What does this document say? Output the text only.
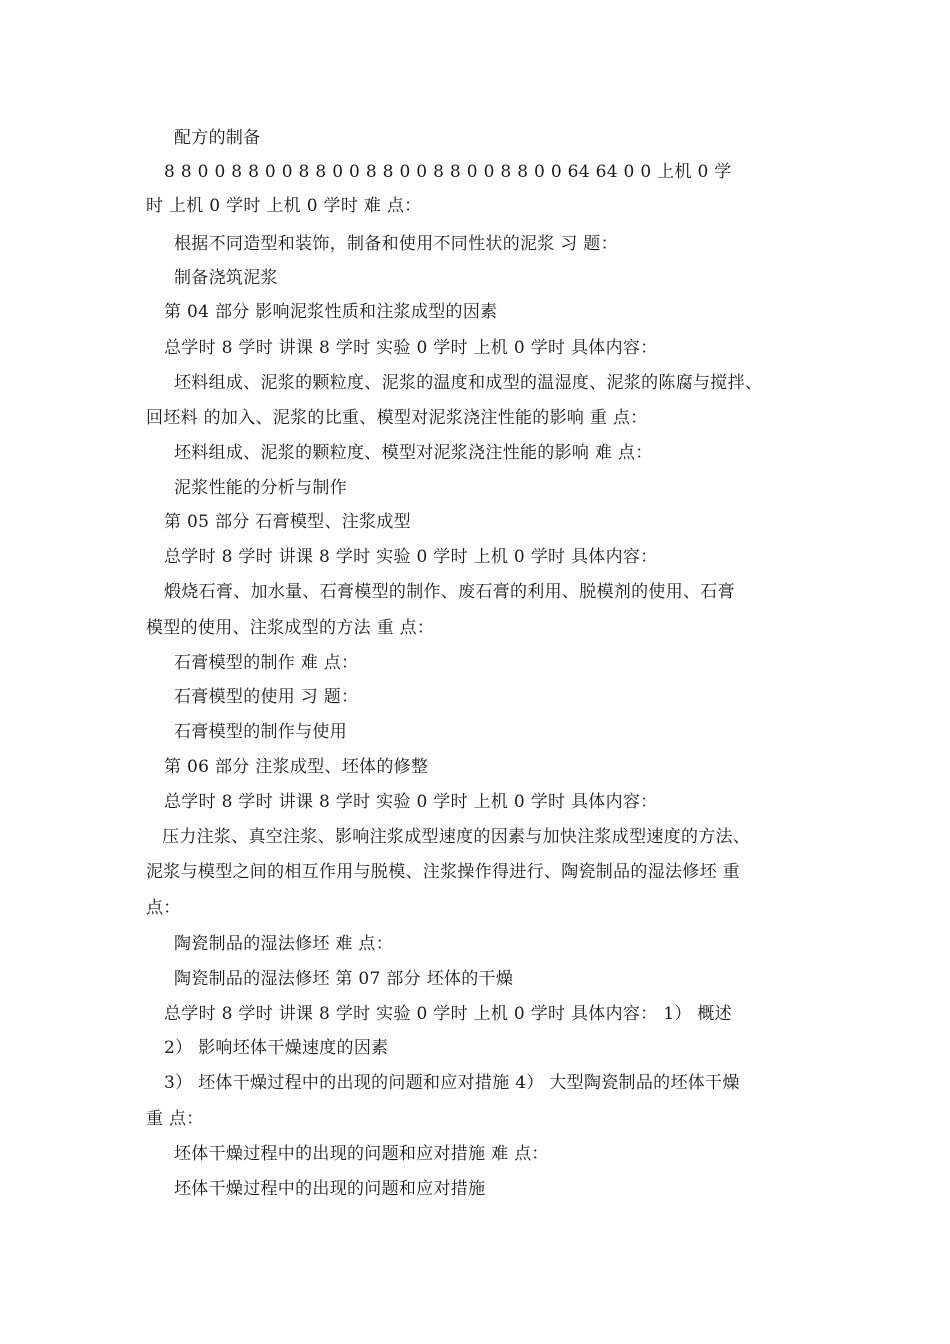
配方的制备
8 8 0 0 8 8 0 0 8 8 0 0 8 8 0 0 8 8 0 0 8 8 0 0 64 64 0 0 上机 0 学
时 上机 0 学时 上机 0 学时 难 点：
根据不同造型和装饰，制备和使用不同性状的泥浆 习 题：
制备浇筑泥浆
第 04 部分 影响泥浆性质和注浆成型的因素
总学时 8 学时 讲课 8 学时 实验 0 学时 上机 0 学时 具体内容：
坯料组成、泥浆的颗粒度、泥浆的温度和成型的温湿度、泥浆的陈腐与搅拌、
回坯料 的加入、泥浆的比重、模型对泥浆浇注性能的影响 重 点：
坯料组成、泥浆的颗粒度、模型对泥浆浇注性能的影响 难 点：
泥浆性能的分析与制作
第 05 部分 石膏模型、注浆成型
总学时 8 学时 讲课 8 学时 实验 0 学时 上机 0 学时 具体内容：
煅烧石膏、加水量、石膏模型的制作、废石膏的利用、脱模剂的使用、石膏
模型的使用、注浆成型的方法 重 点：
石膏模型的制作 难 点：
石膏模型的使用 习 题：
石膏模型的制作与使用
第 06 部分 注浆成型、坯体的修整
总学时 8 学时 讲课 8 学时 实验 0 学时 上机 0 学时 具体内容：
压力注浆、真空注浆、影响注浆成型速度的因素与加快注浆成型速度的方法、
泥浆与模型之间的相互作用与脱模、注浆操作得进行、陶瓷制品的湿法修坯 重
点：
陶瓷制品的湿法修坯 难 点：
陶瓷制品的湿法修坯 第 07 部分 坯体的干燥
总学时 8 学时 讲课 8 学时 实验 0 学时 上机 0 学时 具体内容： 1） 概述
2） 影响坯体干燥速度的因素
3） 坯体干燥过程中的出现的问题和应对措施 4） 大型陶瓷制品的坯体干燥
重 点：
坯体干燥过程中的出现的问题和应对措施 难 点：
坯体干燥过程中的出现的问题和应对措施
